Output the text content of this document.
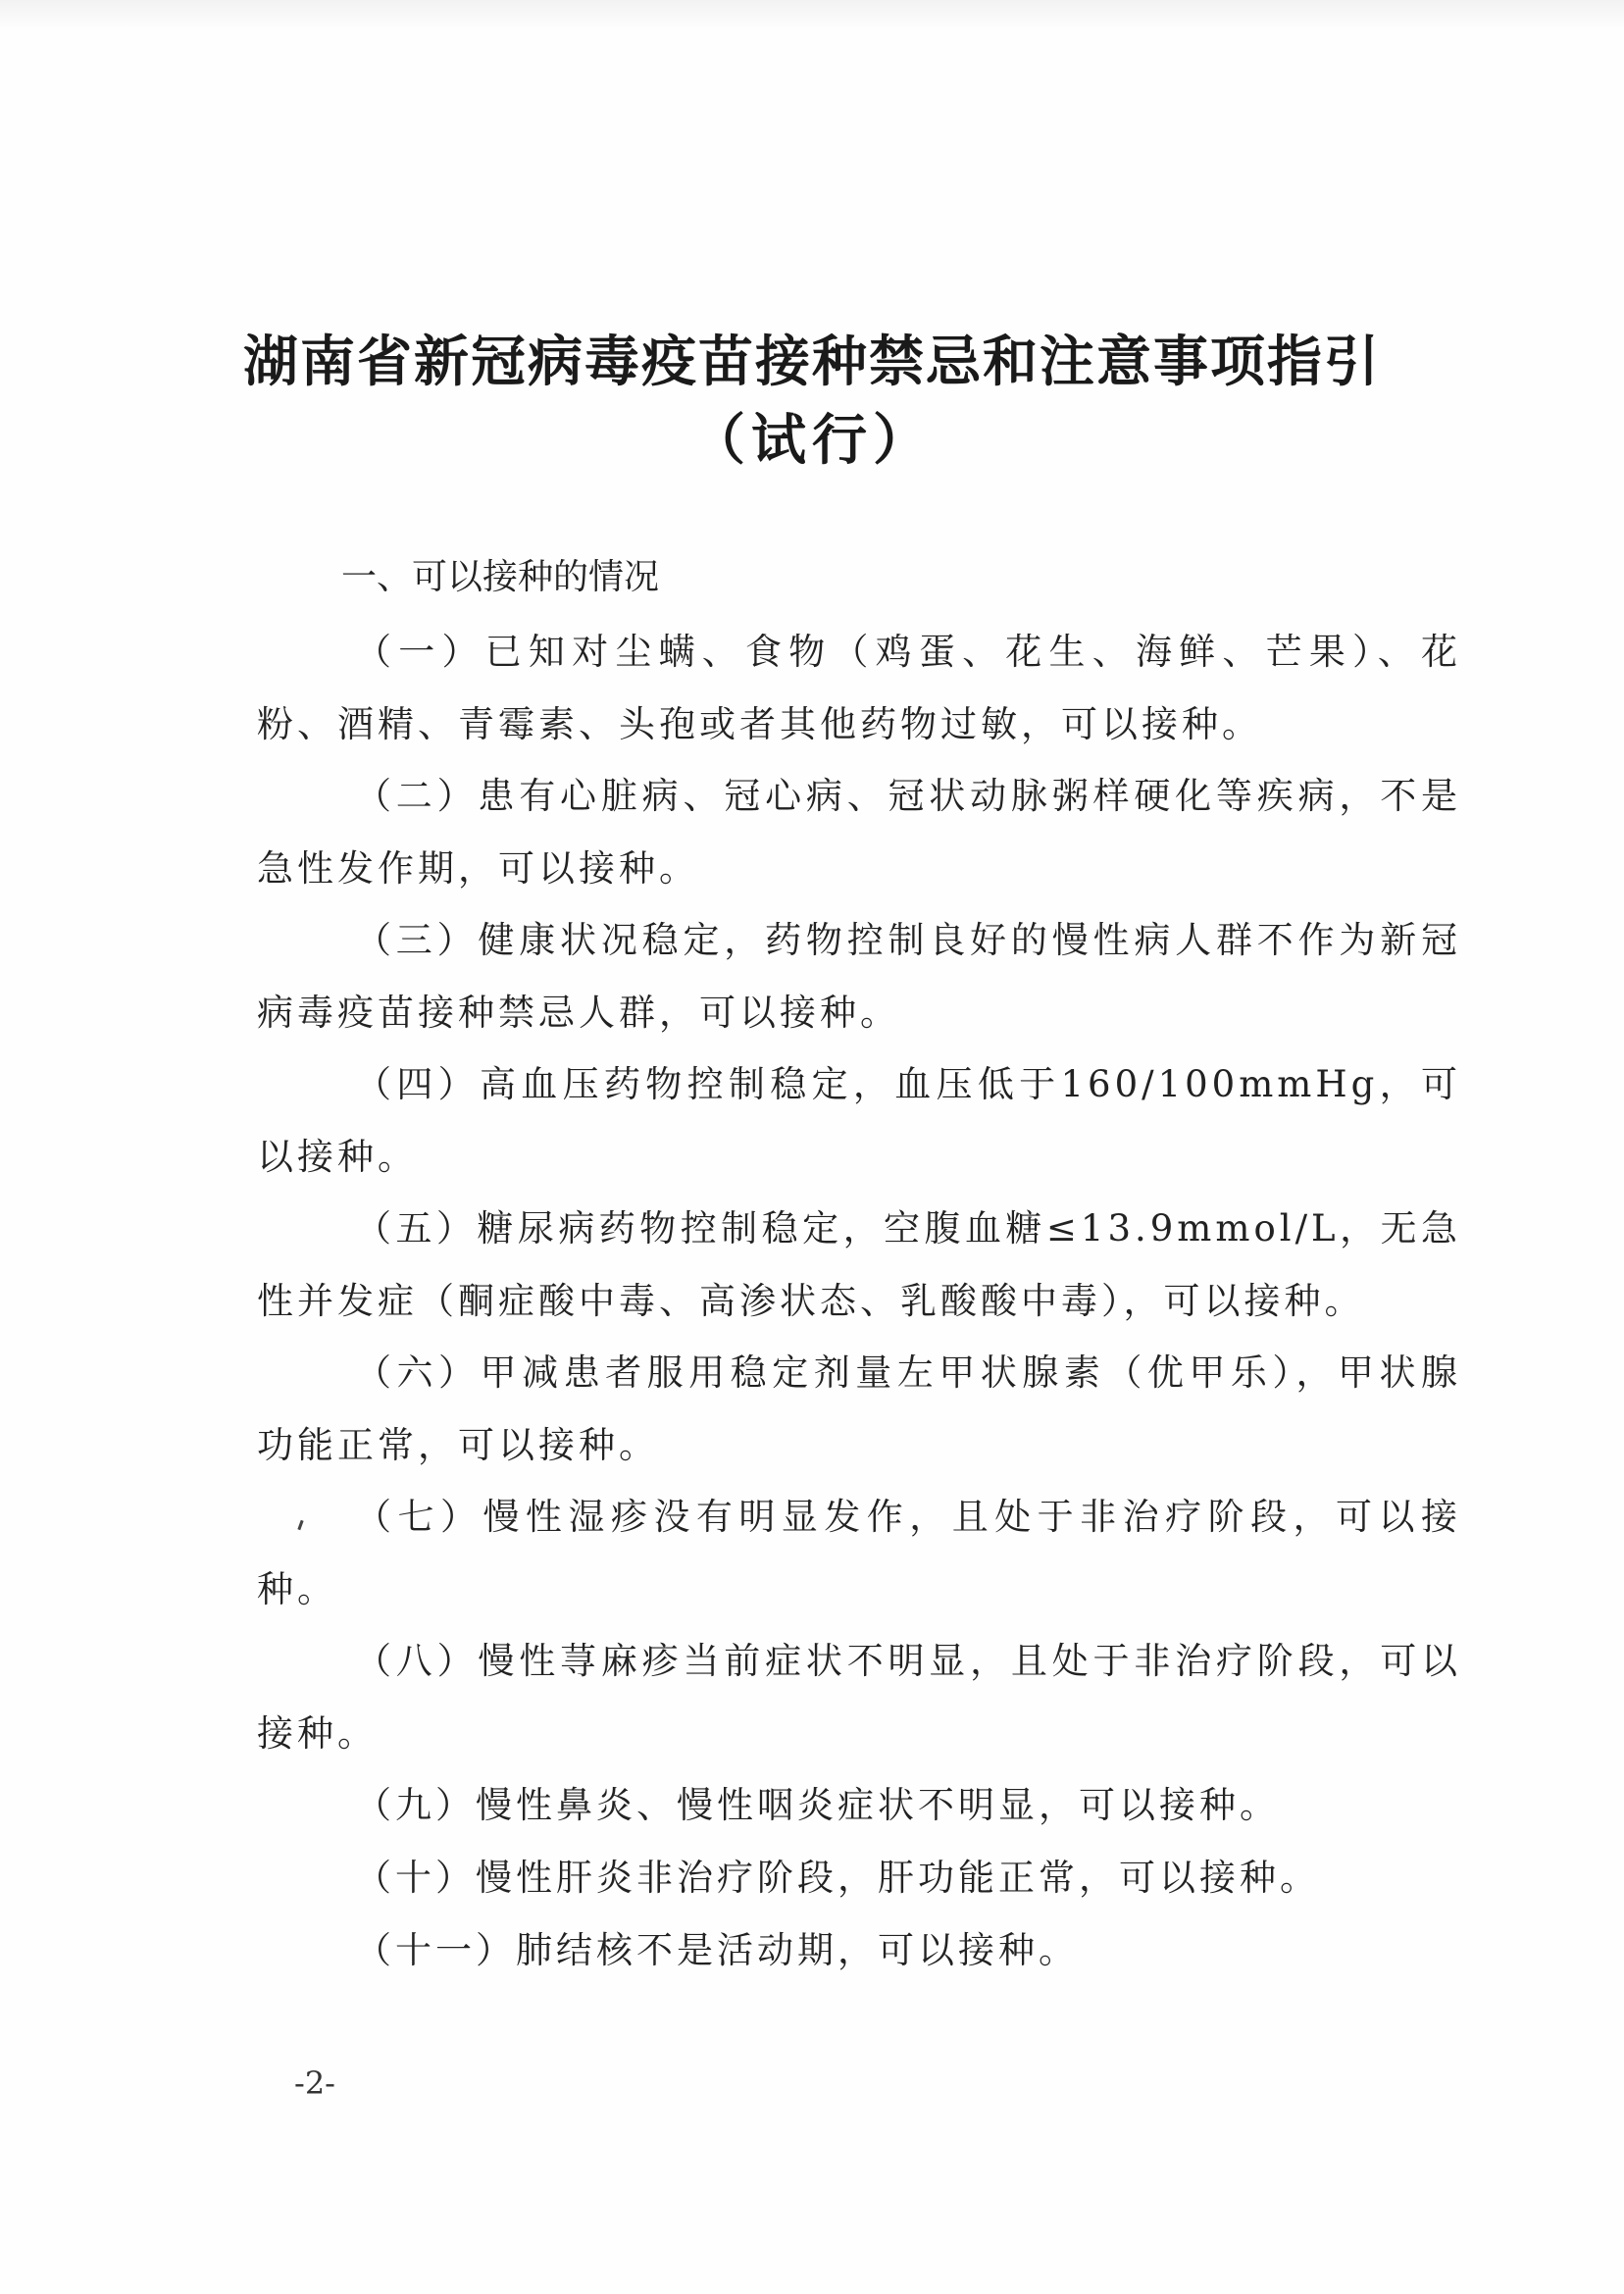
湖南省新冠病毒疫苗接种禁忌和注意事项指引
（试行）
一、可以接种的情况

（一）已知对尘螨、食物（鸡蛋、花生、海鲜、芒果）、花粉、酒精、青霉素、头孢或者其他药物过敏，可以接种。

（二）患有心脏病、冠心病、冠状动脉粥样硬化等疾病，不是急性发作期，可以接种。

（三）健康状况稳定，药物控制良好的慢性病人群不作为新冠病毒疫苗接种禁忌人群，可以接种。

（四）高血压药物控制稳定，血压低于160/100mmHg，可以接种。

（五）糖尿病药物控制稳定，空腹血糖≤13.9mmol/L，无急性并发症（酮症酸中毒、高渗状态、乳酸酸中毒），可以接种。

（六）甲减患者服用稳定剂量左甲状腺素（优甲乐），甲状腺功能正常，可以接种。

（七）慢性湿疹没有明显发作，且处于非治疗阶段，可以接种。

（八）慢性荨麻疹当前症状不明显，且处于非治疗阶段，可以接种。

（九）慢性鼻炎、慢性咽炎症状不明显，可以接种。

（十）慢性肝炎非治疗阶段，肝功能正常，可以接种。

（十一）肺结核不是活动期，可以接种。

-2-
